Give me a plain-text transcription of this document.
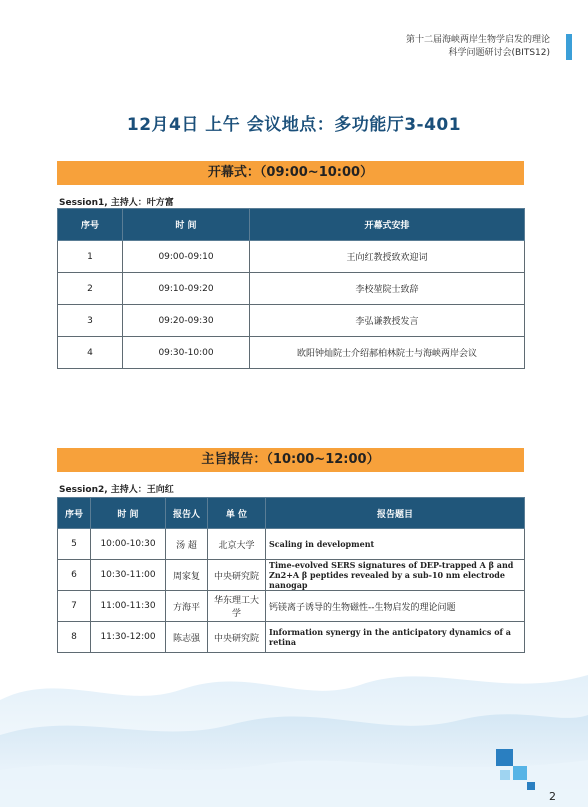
第十二届海峡两岸生物学启发的理论
科学问题研讨会(BITS12)
12月4日 上午 会议地点：多功能厅3-401
开幕式：（09:00~10:00）
Session1, 主持人：叶方富
序号	时 间	开幕式安排
1	09:00-09:10	王向红教授致欢迎词
2	09:10-09:20	李校堃院士致辞
3	09:20-09:30	李弘谦教授发言
4	09:30-10:00	欧阳钟灿院士介绍郝柏林院士与海峡两岸会议
主旨报告：（10:00~12:00）
Session2, 主持人：王向红
序号	时 间	报告人	单 位	报告题目
5	10:00-10:30	汤 超	北京大学	Scaling in development
6	10:30-11:00	周家复	中央研究院	Time-evolved SERS signatures of DEP-trapped A β and Zn2+A β peptides revealed by a sub-10 nm electrode nanogap
7	11:00-11:30	方海平	华东理工大学	钙镁离子诱导的生物磁性--生物启发的理论问题
8	11:30-12:00	陈志强	中央研究院	Information synergy in the anticipatory dynamics of a retina
2
